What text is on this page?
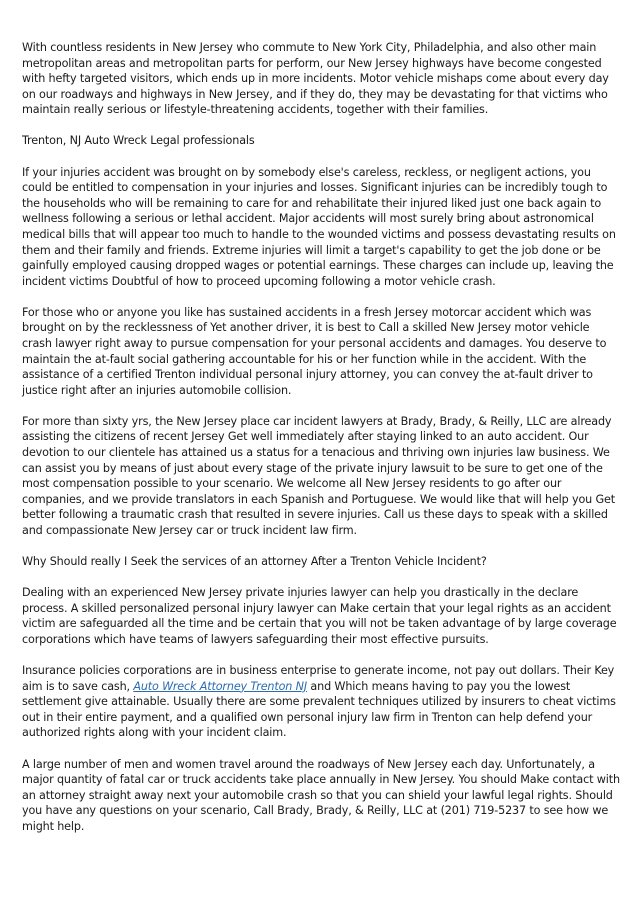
With countless residents in New Jersey who commute to New York City, Philadelphia, and also other main metropolitan areas and metropolitan parts for perform, our New Jersey highways have become congested with hefty targeted visitors, which ends up in more incidents. Motor vehicle mishaps come about every day on our roadways and highways in New Jersey, and if they do, they may be devastating for that victims who maintain really serious or lifestyle-threatening accidents, together with their families.

Trenton, NJ Auto Wreck Legal professionals

If your injuries accident was brought on by somebody else's careless, reckless, or negligent actions, you could be entitled to compensation in your injuries and losses. Significant injuries can be incredibly tough to the households who will be remaining to care for and rehabilitate their injured liked just one back again to wellness following a serious or lethal accident. Major accidents will most surely bring about astronomical medical bills that will appear too much to handle to the wounded victims and possess devastating results on them and their family and friends. Extreme injuries will limit a target's capability to get the job done or be gainfully employed causing dropped wages or potential earnings. These charges can include up, leaving the incident victims Doubtful of how to proceed upcoming following a motor vehicle crash.

For those who or anyone you like has sustained accidents in a fresh Jersey motorcar accident which was brought on by the recklessness of Yet another driver, it is best to Call a skilled New Jersey motor vehicle crash lawyer right away to pursue compensation for your personal accidents and damages. You deserve to maintain the at-fault social gathering accountable for his or her function while in the accident. With the assistance of a certified Trenton individual personal injury attorney, you can convey the at-fault driver to justice right after an injuries automobile collision.

For more than sixty yrs, the New Jersey place car incident lawyers at Brady, Brady, & Reilly, LLC are already assisting the citizens of recent Jersey Get well immediately after staying linked to an auto accident. Our devotion to our clientele has attained us a status for a tenacious and thriving own injuries law business. We can assist you by means of just about every stage of the private injury lawsuit to be sure to get one of the most compensation possible to your scenario. We welcome all New Jersey residents to go after our companies, and we provide translators in each Spanish and Portuguese. We would like that will help you Get better following a traumatic crash that resulted in severe injuries. Call us these days to speak with a skilled and compassionate New Jersey car or truck incident law firm.

Why Should really I Seek the services of an attorney After a Trenton Vehicle Incident?

Dealing with an experienced New Jersey private injuries lawyer can help you drastically in the declare process. A skilled personalized personal injury lawyer can Make certain that your legal rights as an accident victim are safeguarded all the time and be certain that you will not be taken advantage of by large coverage corporations which have teams of lawyers safeguarding their most effective pursuits.

Insurance policies corporations are in business enterprise to generate income, not pay out dollars. Their Key aim is to save cash, Auto Wreck Attorney Trenton NJ and Which means having to pay you the lowest settlement give attainable. Usually there are some prevalent techniques utilized by insurers to cheat victims out in their entire payment, and a qualified own personal injury law firm in Trenton can help defend your authorized rights along with your incident claim.

A large number of men and women travel around the roadways of New Jersey each day. Unfortunately, a major quantity of fatal car or truck accidents take place annually in New Jersey. You should Make contact with an attorney straight away next your automobile crash so that you can shield your lawful legal rights. Should you have any questions on your scenario, Call Brady, Brady, & Reilly, LLC at (201) 719-5237 to see how we might help.
